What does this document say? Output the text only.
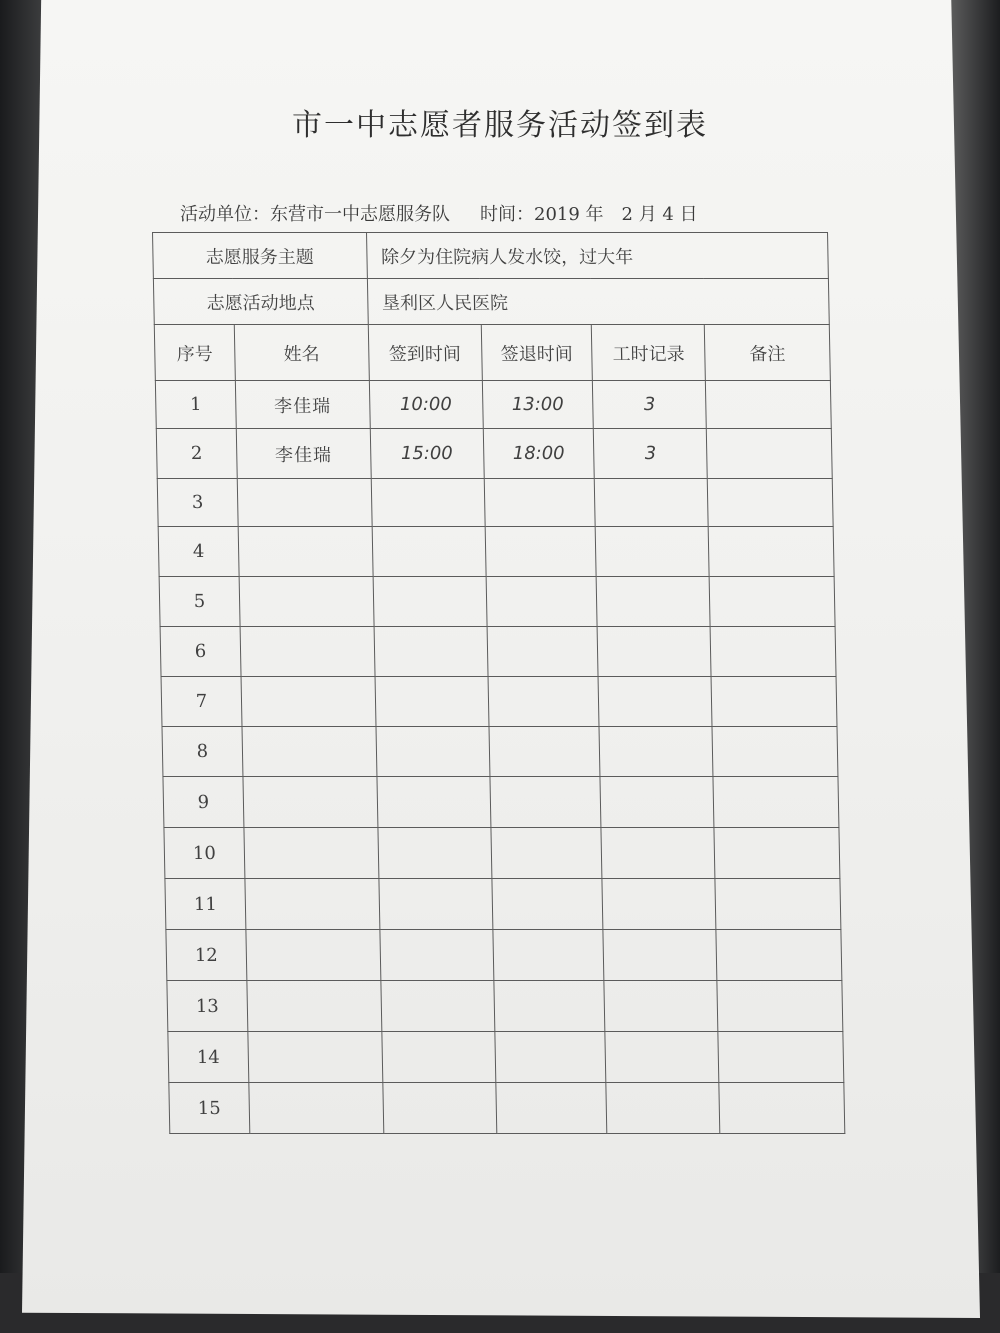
市一中志愿者服务活动签到表
活动单位：东营市一中志愿服务队 时间：2019 年　2 月 4 日
志愿服务主题		除夕为住院病人发水饺，过大年			
志愿活动地点		垦利区人民医院			
序号	姓名	签到时间	签退时间	工时记录	备注
1	李佳瑞	10:00	13:00	3	
2	李佳瑞	15:00	18:00	3	
3					
4					
5					
6					
7					
8					
9					
10					
11					
12					
13					
14					
15					
